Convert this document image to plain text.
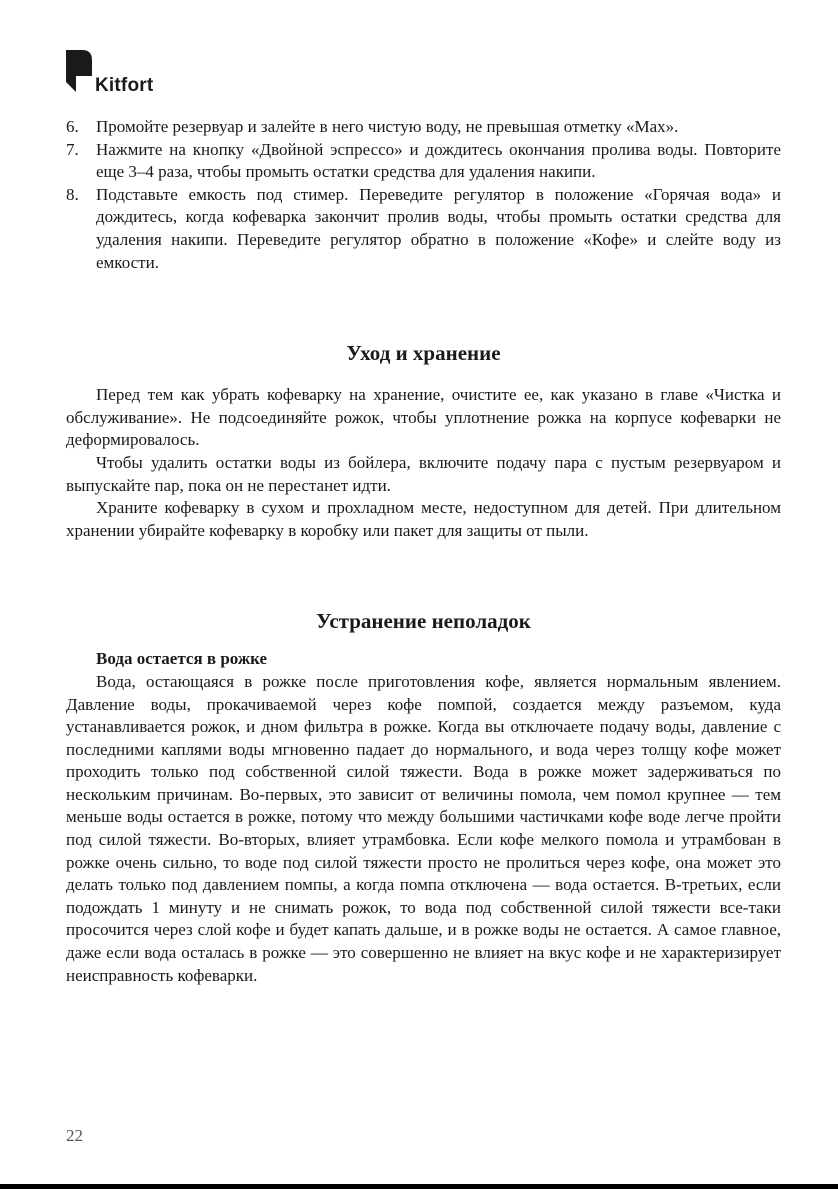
Kitfort
6. Промойте резервуар и залейте в него чистую воду, не превышая отметку «Max».
7. Нажмите на кнопку «Двойной эспрессо» и дождитесь окончания пролива воды. Повторите еще 3–4 раза, чтобы промыть остатки средства для удаления накипи.
8. Подставьте емкость под стимер. Переведите регулятор в положение «Горячая вода» и дождитесь, когда кофеварка закончит пролив воды, чтобы промыть остатки средства для удаления накипи. Переведите регулятор обратно в положение «Кофе» и слейте воду из емкости.
Уход и хранение

Перед тем как убрать кофеварку на хранение, очистите ее, как указано в главе «Чистка и обслуживание». Не подсоединяйте рожок, чтобы уплотнение рожка на корпусе кофеварки не деформировалось.

Чтобы удалить остатки воды из бойлера, включите подачу пара с пустым резервуаром и выпускайте пар, пока он не перестанет идти.

Храните кофеварку в сухом и прохладном месте, недоступном для детей. При длительном хранении убирайте кофеварку в коробку или пакет для защиты от пыли.

Устранение неполадок

Вода остается в рожке

Вода, остающаяся в рожке после приготовления кофе, является нормальным явлением. Давление воды, прокачиваемой через кофе помпой, создается между разъемом, куда устанавливается рожок, и дном фильтра в рожке. Когда вы отключаете подачу воды, давление с последними каплями воды мгновенно падает до нормального, и вода через толщу кофе может проходить только под собственной силой тяжести. Вода в рожке может задерживаться по нескольким причинам. Во-первых, это зависит от величины помола, чем помол крупнее — тем меньше воды остается в рожке, потому что между большими частичками кофе воде легче пройти под силой тяжести. Во-вторых, влияет утрамбовка. Если кофе мелкого помола и утрамбован в рожке очень сильно, то воде под силой тяжести просто не пролиться через кофе, она может это делать только под давлением помпы, а когда помпа отключена — вода остается. В-третьих, если подождать 1 минуту и не снимать рожок, то вода под собственной силой тяжести все-таки просочится через слой кофе и будет капать дальше, и в рожке воды не остается. А самое главное, даже если вода осталась в рожке — это совершенно не влияет на вкус кофе и не характеризирует неисправность кофеварки.

22
